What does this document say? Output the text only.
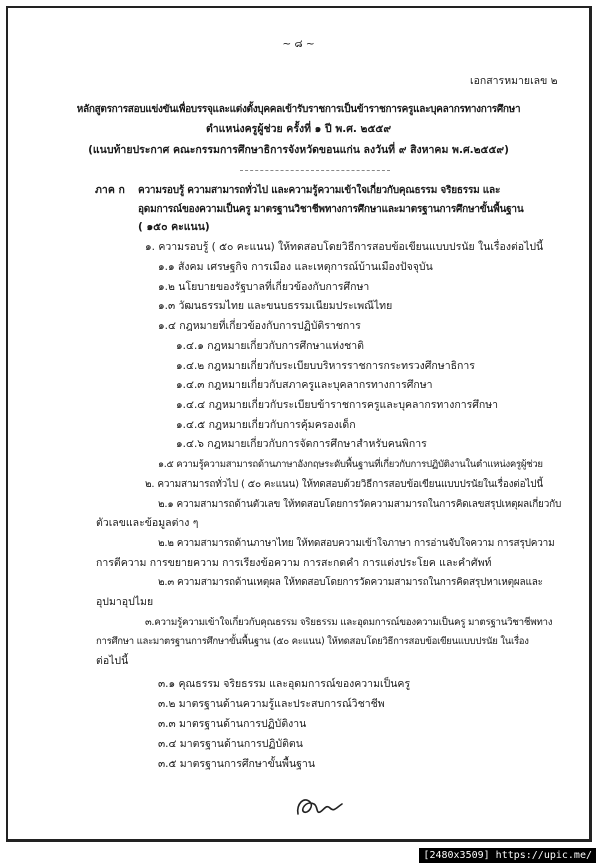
~ ๘ ~
เอกสารหมายเลข ๒
หลักสูตรการสอบแข่งขันเพื่อบรรจุและแต่งตั้งบุคคลเข้ารับราชการเป็นข้าราชการครูและบุคลากรทางการศึกษา
ตำแหน่งครูผู้ช่วย ครั้งที่ ๑ ปี พ.ศ. ๒๕๕๙
(แนบท้ายประกาศ คณะกรรมการศึกษาธิการจังหวัดขอนแก่น ลงวันที่ ๙ สิงหาคม พ.ศ.๒๕๕๙)
ภาค ก ความรอบรู้ ความสามารถทั่วไป และความรู้ความเข้าใจเกี่ยวกับคุณธรรม จริยธรรม และ
อุดมการณ์ของความเป็นครู มาตรฐานวิชาชีพทางการศึกษาและมาตรฐานการศึกษาขั้นพื้นฐาน
( ๑๕๐ คะแนน)
๑. ความรอบรู้ ( ๕๐ คะแนน) ให้ทดสอบโดยวิธีการสอบข้อเขียนแบบปรนัย ในเรื่องต่อไปนี้
๑.๑ สังคม เศรษฐกิจ การเมือง และเหตุการณ์บ้านเมืองปัจจุบัน
๑.๒ นโยบายของรัฐบาลที่เกี่ยวข้องกับการศึกษา
๑.๓ วัฒนธรรมไทย และขนบธรรมเนียมประเพณีไทย
๑.๔ กฎหมายที่เกี่ยวข้องกับการปฏิบัติราชการ
๑.๔.๑ กฎหมายเกี่ยวกับการศึกษาแห่งชาติ
๑.๔.๒ กฎหมายเกี่ยวกับระเบียบบริหารราชการกระทรวงศึกษาธิการ
๑.๔.๓ กฎหมายเกี่ยวกับสภาครูและบุคลากรทางการศึกษา
๑.๔.๔ กฎหมายเกี่ยวกับระเบียบข้าราชการครูและบุคลากรทางการศึกษา
๑.๔.๕ กฎหมายเกี่ยวกับการคุ้มครองเด็ก
๑.๔.๖ กฎหมายเกี่ยวกับการจัดการศึกษาสำหรับคนพิการ
๑.๕ ความรู้ความสามารถด้านภาษาอังกฤษระดับพื้นฐานที่เกี่ยวกับการปฏิบัติงานในตำแหน่งครูผู้ช่วย
๒. ความสามารถทั่วไป ( ๕๐ คะแนน) ให้ทดสอบด้วยวิธีการสอบข้อเขียนแบบปรนัยในเรื่องต่อไปนี้
๒.๑ ความสามารถด้านตัวเลข ให้ทดสอบโดยการวัดความสามารถในการคิดเลขสรุปเหตุผลเกี่ยวกับ
ตัวเลขและข้อมูลต่าง ๆ
๒.๒ ความสามารถด้านภาษาไทย ให้ทดสอบความเข้าใจภาษา การอ่านจับใจความ การสรุปความ
การตีความ การขยายความ การเรียงข้อความ การสะกดคำ การแต่งประโยค และคำศัพท์
๒.๓ ความสามารถด้านเหตุผล ให้ทดสอบโดยการวัดความสามารถในการคิดสรุปหาเหตุผลและ
อุปมาอุปไมย
๓.ความรู้ความเข้าใจเกี่ยวกับคุณธรรม จริยธรรม และอุดมการณ์ของความเป็นครู มาตรฐานวิชาชีพทาง
การศึกษา และมาตรฐานการศึกษาขั้นพื้นฐาน (๕๐ คะแนน) ให้ทดสอบโดยวิธีการสอบข้อเขียนแบบปรนัย ในเรื่อง
ต่อไปนี้
๓.๑ คุณธรรม จริยธรรม และอุดมการณ์ของความเป็นครู
๓.๒ มาตรฐานด้านความรู้และประสบการณ์วิชาชีพ
๓.๓ มาตรฐานด้านการปฏิบัติงาน
๓.๔ มาตรฐานด้านการปฏิบัติตน
๓.๕ มาตรฐานการศึกษาขั้นพื้นฐาน
[2480x3509] https://upic.me/
